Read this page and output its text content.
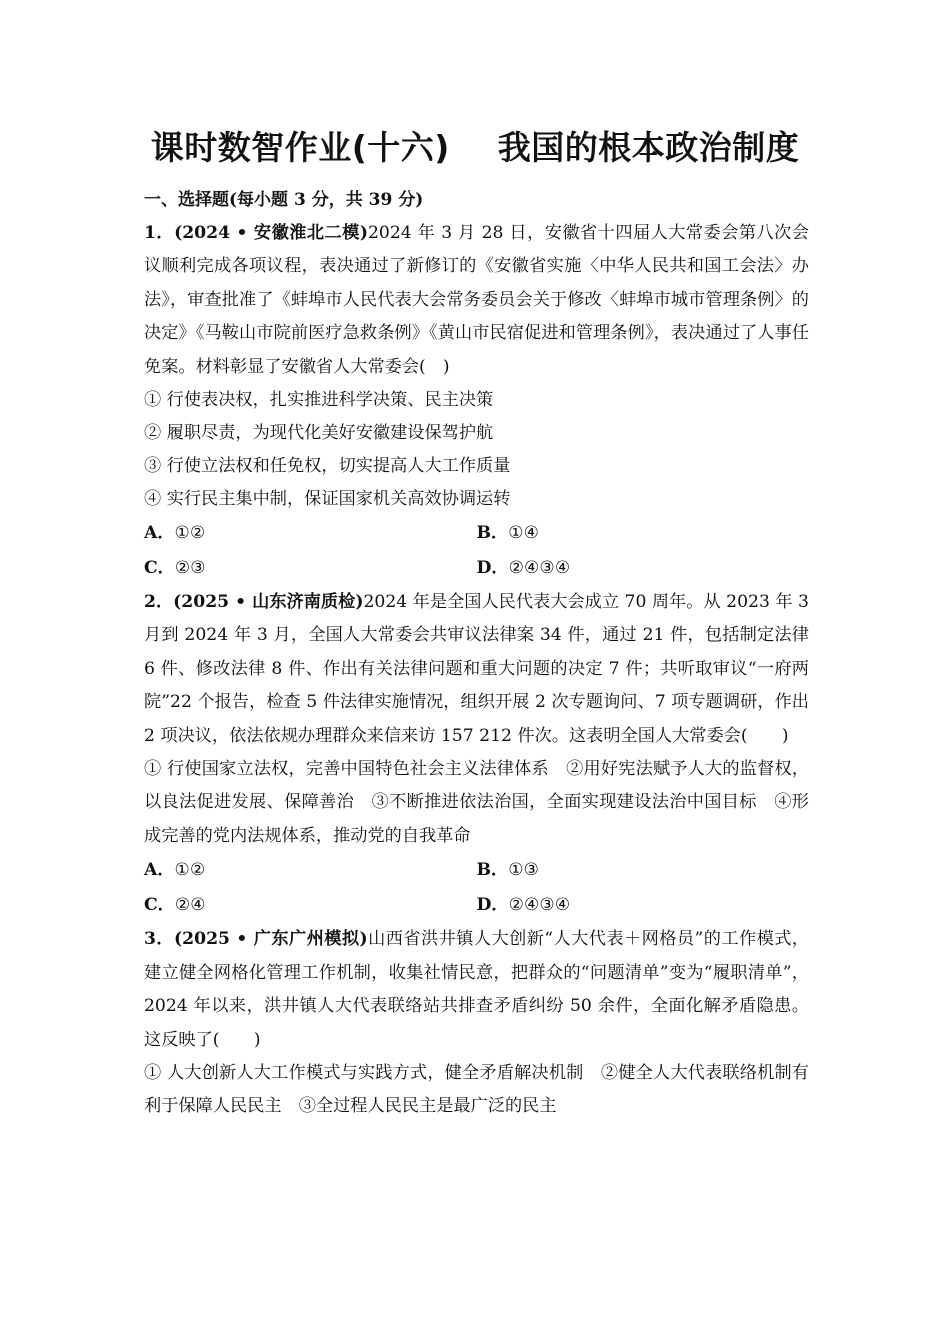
课时数智作业(十六)    我国的根本政治制度
一、选择题(每小题 3 分，共 39 分)

1．(2024 • 安徽淮北二模)2024 年 3 月 28 日，安徽省十四届人大常委会第八次会议顺利完成各项议程，表决通过了新修订的《安徽省实施〈中华人民共和国工会法〉办法》，审查批准了《蚌埠市人民代表大会常务委员会关于修改〈蚌埠市城市管理条例〉的决定》《马鞍山市院前医疗急救条例》《黄山市民宿促进和管理条例》，表决通过了人事任免案。材料彰显了安徽省人大常委会( )

① 行使表决权，扎实推进科学决策、民主决策
② 履职尽责，为现代化美好安徽建设保驾护航
③ 行使立法权和任免权，切实提高人大工作质量
④ 实行民主集中制，保证国家机关高效协调运转
A．①②	B．①④
C．②③	D．②④③④

2．(2025 • 山东济南质检)2024 年是全国人民代表大会成立 70 周年。从 2023 年 3 月到 2024 年 3 月，全国人大常委会共审议法律案 34 件，通过 21 件，包括制定法律 6 件、修改法律 8 件、作出有关法律问题和重大问题的决定 7 件；共听取审议“一府两院”22 个报告，检查 5 件法律实施情况，组织开展 2 次专题询问、7 项专题调研，作出 2 项决议，依法依规办理群众来信来访 157 212 件次。这表明全国人大常委会(  )

① 行使国家立法权，完善中国特色社会主义法律体系 ②用好宪法赋予人大的监督权，以良法促进发展、保障善治 ③不断推进依法治国，全面实现建设法治中国目标 ④形成完善的党内法规体系，推动党的自我革命

A．①②	B．①③
C．②④	D．②④③④

3．(2025 • 广东广州模拟)山西省洪井镇人大创新“人大代表＋网格员”的工作模式，建立健全网格化管理工作机制，收集社情民意，把群众的“问题清单”变为“履职清单”，2024 年以来，洪井镇人大代表联络站共排查矛盾纠纷 50 余件，全面化解矛盾隐患。这反映了(  )

① 人大创新人大工作模式与实践方式，健全矛盾解决机制 ②健全人大代表联络机制有利于保障人民民主 ③全过程人民民主是最广泛的民主
